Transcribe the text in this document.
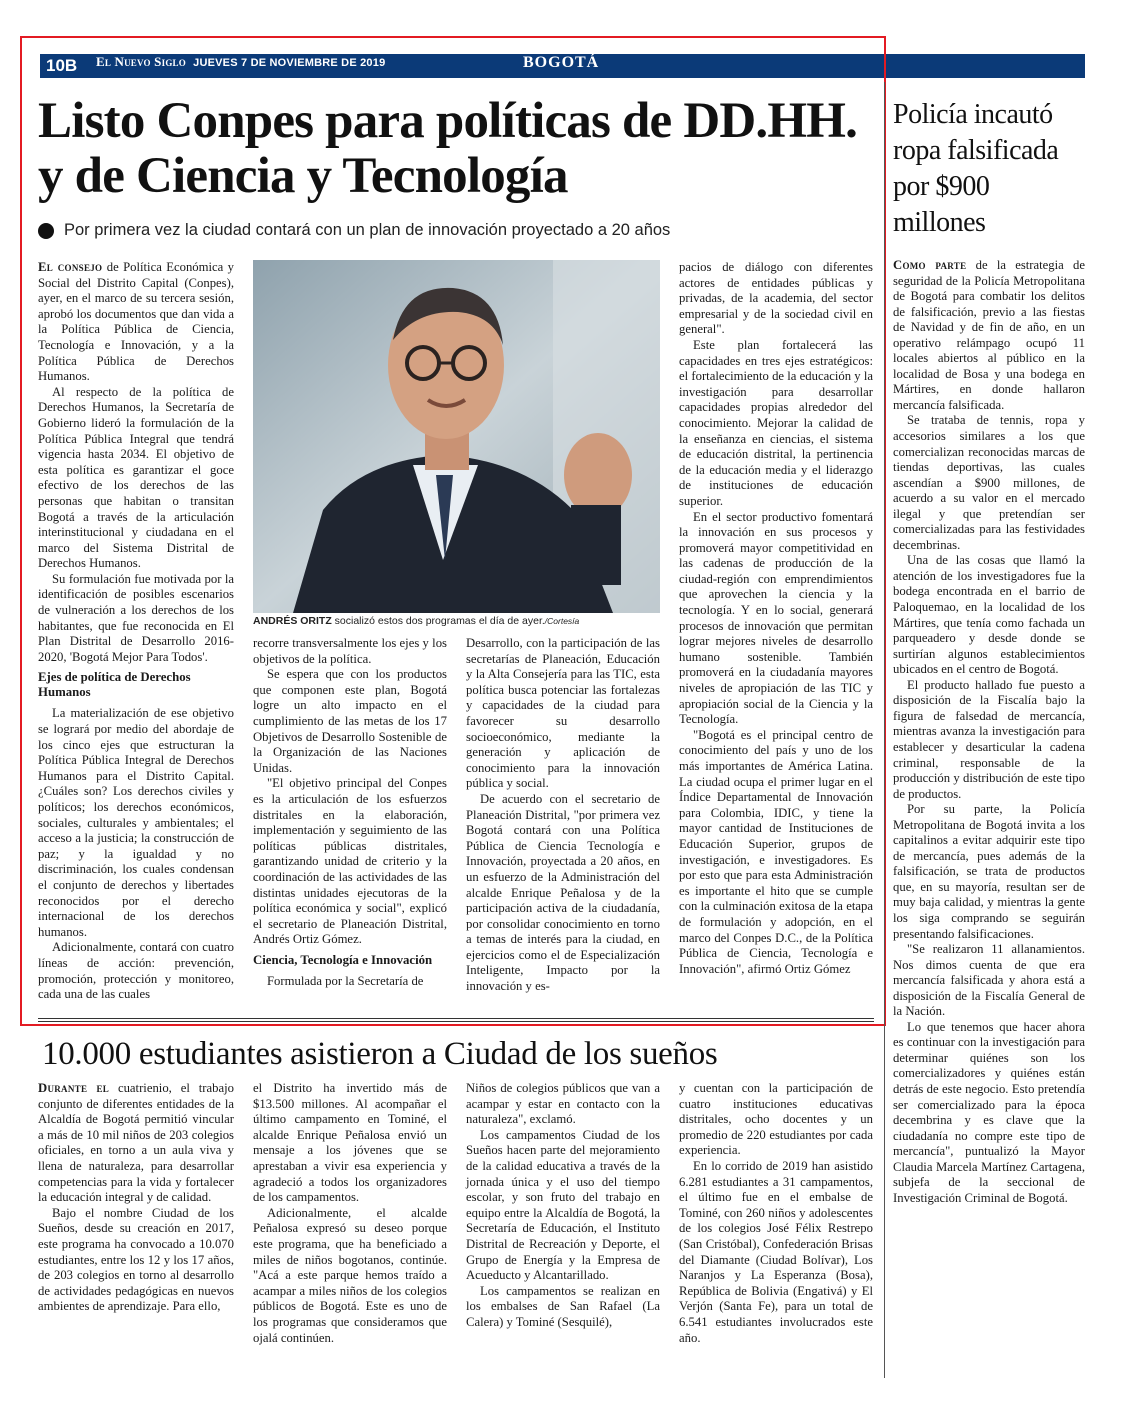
10B	El Nuevo Siglo JUEVES 7 DE NOVIEMBRE DE 2019	BOGOTÁ
Listo Conpes para políticas de DD.HH. y de Ciencia y Tecnología
Por primera vez la ciudad contará con un plan de innovación proyectado a 20 años

El consejo de Política Económica y Social del Distrito Capital (Conpes), ayer, en el marco de su tercera sesión, aprobó los documentos que dan vida a la Política Pública de Ciencia, Tecnología e Innovación, y a la Política Pública de Derechos Humanos.

Al respecto de la política de Derechos Humanos, la Secretaría de Gobierno lideró la formulación de la Política Pública Integral que tendrá vigencia hasta 2034. El objetivo de esta política es garantizar el goce efectivo de los derechos de las personas que habitan o transitan Bogotá a través de la articulación interinstitucional y ciudadana en el marco del Sistema Distrital de Derechos Humanos.

Su formulación fue motivada por la identificación de posibles escenarios de vulneración a los derechos de los habitantes, que fue reconocida en El Plan Distrital de Desarrollo 2016-2020, 'Bogotá Mejor Para Todos'.

Ejes de política de Derechos Humanos

La materialización de ese objetivo se logrará por medio del abordaje de los cinco ejes que estructuran la Política Pública Integral de Derechos Humanos para el Distrito Capital. ¿Cuáles son? Los derechos civiles y políticos; los derechos económicos, sociales, culturales y ambientales; el acceso a la justicia; la construcción de paz; y la igualdad y no discriminación, los cuales condensan el conjunto de derechos y libertades reconocidos por el derecho internacional de los derechos humanos.

Adicionalmente, contará con cuatro líneas de acción: prevención, promoción, protección y monitoreo, cada una de las cuales

ANDRÉS ORITZ socializó estos dos programas el día de ayer./Cortesía

recorre transversalmente los ejes y los objetivos de la política.

Se espera que con los productos que componen este plan, Bogotá logre un alto impacto en el cumplimiento de las metas de los 17 Objetivos de Desarrollo Sostenible de la Organización de las Naciones Unidas.

"El objetivo principal del Conpes es la articulación de los esfuerzos distritales en la elaboración, implementación y seguimiento de las políticas públicas distritales, garantizando unidad de criterio y la coordinación de las actividades de las distintas unidades ejecutoras de la política económica y social", explicó el secretario de Planeación Distrital, Andrés Ortiz Gómez.

Ciencia, Tecnología e Innovación

Formulada por la Secretaría de

Desarrollo, con la participación de las secretarías de Planeación, Educación y la Alta Consejería para las TIC, esta política busca potenciar las fortalezas y capacidades de la ciudad para favorecer su desarrollo socioeconómico, mediante la generación y aplicación de conocimiento para la innovación pública y social.

De acuerdo con el secretario de Planeación Distrital, "por primera vez Bogotá contará con una Política Pública de Ciencia Tecnología e Innovación, proyectada a 20 años, en un esfuerzo de la Administración del alcalde Enrique Peñalosa y de la participación activa de la ciudadanía, por consolidar conocimiento en torno a temas de interés para la ciudad, en ejercicios como el de Especialización Inteligente, Impacto por la innovación y es-

pacios de diálogo con diferentes actores de entidades públicas y privadas, de la academia, del sector empresarial y de la sociedad civil en general".

Este plan fortalecerá las capacidades en tres ejes estratégicos: el fortalecimiento de la educación y la investigación para desarrollar capacidades propias alrededor del conocimiento. Mejorar la calidad de la enseñanza en ciencias, el sistema de educación distrital, la pertinencia de la educación media y el liderazgo de instituciones de educación superior.

En el sector productivo fomentará la innovación en sus procesos y promoverá mayor competitividad en las cadenas de producción de la ciudad-región con emprendimientos que aprovechen la ciencia y la tecnología. Y en lo social, generará procesos de innovación que permitan lograr mejores niveles de desarrollo humano sostenible. También promoverá en la ciudadanía mayores niveles de apropiación de las TIC y apropiación social de la Ciencia y la Tecnología.

"Bogotá es el principal centro de conocimiento del país y uno de los más importantes de América Latina. La ciudad ocupa el primer lugar en el Índice Departamental de Innovación para Colombia, IDIC, y tiene la mayor cantidad de Instituciones de Educación Superior, grupos de investigación, e investigadores. Es por esto que para esta Administración es importante el hito que se cumple con la culminación exitosa de la etapa de formulación y adopción, en el marco del Conpes D.C., de la Política Pública de Ciencia, Tecnología e Innovación", afirmó Ortiz Gómez

10.000 estudiantes asistieron a Ciudad de los sueños

Durante el cuatrienio, el trabajo conjunto de diferentes entidades de la Alcaldía de Bogotá permitió vincular a más de 10 mil niños de 203 colegios oficiales, en torno a un aula viva y llena de naturaleza, para desarrollar competencias para la vida y fortalecer la educación integral y de calidad.

Bajo el nombre Ciudad de los Sueños, desde su creación en 2017, este programa ha convocado a 10.070 estudiantes, entre los 12 y los 17 años, de 203 colegios en torno al desarrollo de actividades pedagógicas en nuevos ambientes de aprendizaje. Para ello,

el Distrito ha invertido más de $13.500 millones. Al acompañar el último campamento en Tominé, el alcalde Enrique Peñalosa envió un mensaje a los jóvenes que se aprestaban a vivir esa experiencia y agradeció a todos los organizadores de los campamentos.

Adicionalmente, el alcalde Peñalosa expresó su deseo porque este programa, que ha beneficiado a miles de niños bogotanos, continúe. "Acá a este parque hemos traído a acampar a miles niños de los colegios públicos de Bogotá. Este es uno de los programas que consideramos que ojalá continúen.

Niños de colegios públicos que van a acampar y estar en contacto con la naturaleza", exclamó.

Los campamentos Ciudad de los Sueños hacen parte del mejoramiento de la calidad educativa a través de la jornada única y el uso del tiempo escolar, y son fruto del trabajo en equipo entre la Alcaldía de Bogotá, la Secretaría de Educación, el Instituto Distrital de Recreación y Deporte, el Grupo de Energía y la Empresa de Acueducto y Alcantarillado.

Los campamentos se realizan en los embalses de San Rafael (La Calera) y Tominé (Sesquilé),

y cuentan con la participación de cuatro instituciones educativas distritales, ocho docentes y un promedio de 220 estudiantes por cada experiencia.

En lo corrido de 2019 han asistido 6.281 estudiantes a 31 campamentos, el último fue en el embalse de Tominé, con 260 niños y adolescentes de los colegios José Félix Restrepo (San Cristóbal), Confederación Brisas del Diamante (Ciudad Bolívar), Los Naranjos y La Esperanza (Bosa), República de Bolivia (Engativá) y El Verjón (Santa Fe), para un total de 6.541 estudiantes involucrados este año.

Policía incautó ropa falsificada por $900 millones

Como parte de la estrategia de seguridad de la Policía Metropolitana de Bogotá para combatir los delitos de falsificación, previo a las fiestas de Navidad y de fin de año, en un operativo relámpago ocupó 11 locales abiertos al público en la localidad de Bosa y una bodega en Mártires, en donde hallaron mercancía falsificada.

Se trataba de tennis, ropa y accesorios similares a los que comercializan reconocidas marcas de tiendas deportivas, las cuales ascendían a $900 millones, de acuerdo a su valor en el mercado ilegal y que pretendían ser comercializadas para las festividades decembrinas.

Una de las cosas que llamó la atención de los investigadores fue la bodega encontrada en el barrio de Paloquemao, en la localidad de los Mártires, que tenía como fachada un parqueadero y desde donde se surtirían algunos establecimientos ubicados en el centro de Bogotá.

El producto hallado fue puesto a disposición de la Fiscalía bajo la figura de falsedad de mercancía, mientras avanza la investigación para establecer y desarticular la cadena criminal, responsable de la producción y distribución de este tipo de productos.

Por su parte, la Policía Metropolitana de Bogotá invita a los capitalinos a evitar adquirir este tipo de mercancía, pues además de la falsificación, se trata de productos que, en su mayoría, resultan ser de muy baja calidad, y mientras la gente los siga comprando se seguirán presentando falsificaciones.

"Se realizaron 11 allanamientos. Nos dimos cuenta de que era mercancía falsificada y ahora está a disposición de la Fiscalía General de la Nación.

Lo que tenemos que hacer ahora es continuar con la investigación para determinar quiénes son los comercializadores y quiénes están detrás de este negocio. Esto pretendía ser comercializado para la época decembrina y es clave que la ciudadanía no compre este tipo de mercancía", puntualizó la Mayor Claudia Marcela Martínez Cartagena, subjefa de la seccional de Investigación Criminal de Bogotá.
